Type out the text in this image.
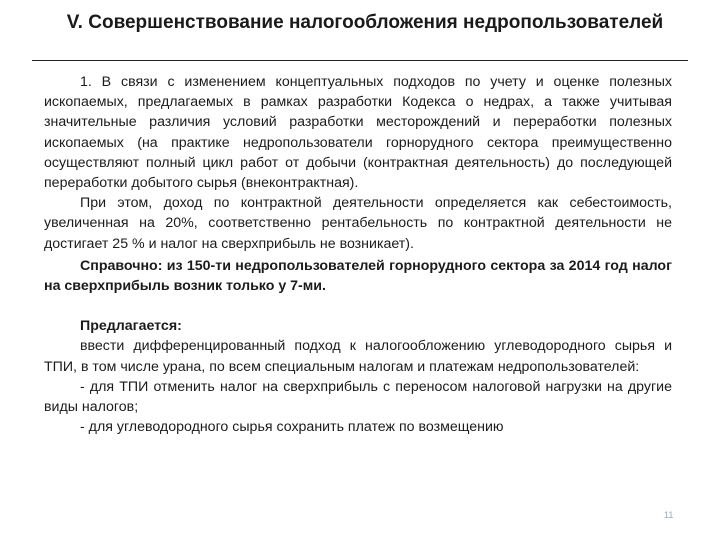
V. Совершенствование налогообложения недропользователей

1. В связи с изменением концептуальных подходов по учету и оценке полезных ископаемых, предлагаемых в рамках разработки Кодекса о недрах, а также учитывая значительные различия условий разработки месторождений и переработки полезных ископаемых (на практике недропользователи горнорудного сектора преимущественно осуществляют полный цикл работ от добычи (контрактная деятельность) до последующей переработки добытого сырья (внеконтрактная).

При этом, доход по контрактной деятельности определяется как себестоимость, увеличенная на 20%, соответственно рентабельность по контрактной деятельности не достигает 25 % и налог на сверхприбыль не возникает).

Справочно: из 150-ти недропользователей горнорудного сектора за 2014 год налог на сверхприбыль возник только у 7-ми.

Предлагается:

ввести дифференцированный подход к налогообложению углеводородного сырья и ТПИ, в том числе урана, по всем специальным налогам и платежам недропользователей:

- для ТПИ отменить налог на сверхприбыль с переносом налоговой нагрузки на другие виды налогов;

- для углеводородного сырья сохранить платеж по возмещению

11
